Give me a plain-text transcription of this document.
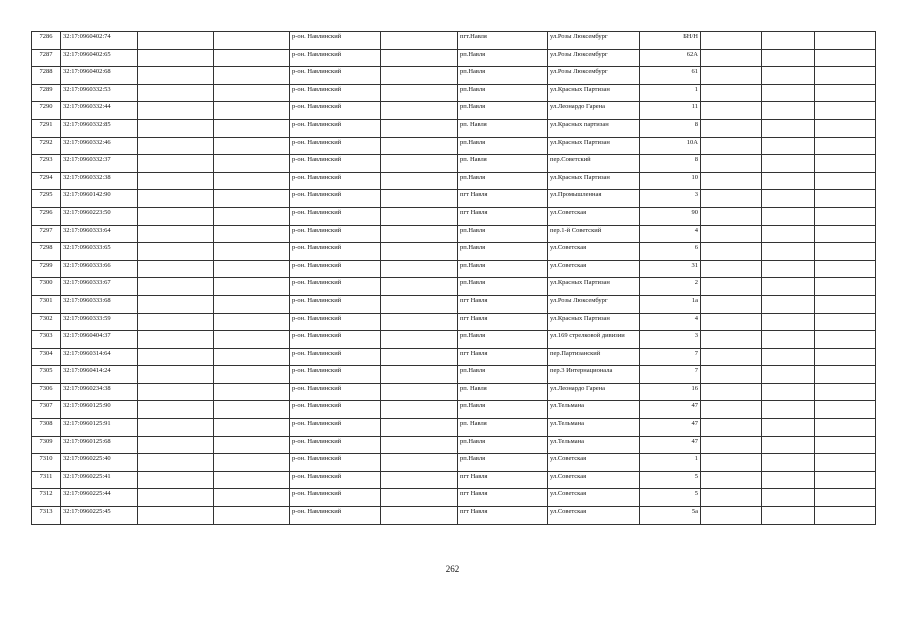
7286	32:17:0960402:74			р-он. Навлинский		пгт.Навля	ул.Розы Люксембург	БН/Н			
7287	32:17:0960402:65			р-он. Навлинский		рп.Навля	ул.Розы Люксембург	62А			
7288	32:17:0960402:68			р-он. Навлинский		рп.Навля	ул.Розы Люксембург	61			
7289	32:17:0960332:53			р-он. Навлинский		рп.Навля	ул.Красных Партизан	1			
7290	32:17:0960332:44			р-он. Навлинский		рп.Навля	ул.Леонардо Гарена	11			
7291	32:17:0960332:85			р-он. Навлинский		рп. Навля	ул.Красных партизан	8			
7292	32:17:0960332:46			р-он. Навлинский		рп.Навля	ул.Красных Партизан	10А			
7293	32:17:0960332:37			р-он. Навлинский		рп. Навля	пер.Советский	8			
7294	32:17:0960332:38			р-он. Навлинский		рп.Навля	ул.Красных Партизан	10			
7295	32:17:0960142:90			р-он. Навлинский		пгт Навля	ул.Промышленная	3			
7296	32:17:0960223:50			р-он. Навлинский		пгт Навля	ул.Советская	90			
7297	32:17:0960333:64			р-он. Навлинский		рп.Навля	пер.1-й Советский	4			
7298	32:17:0960333:65			р-он. Навлинский		рп.Навля	ул.Советская	6			
7299	32:17:0960333:66			р-он. Навлинский		рп.Навля	ул.Советская	31			
7300	32:17:0960333:67			р-он. Навлинский		рп.Навля	ул.Красных Партизан	2			
7301	32:17:0960333:68			р-он. Навлинский		пгт Навля	ул.Розы Люксембург	1а			
7302	32:17:0960333:59			р-он. Навлинский		пгт Навля	ул.Красных Партизан	4			
7303	32:17:0960404:37			р-он. Навлинский		рп.Навля	ул.169 стрелковой дивизии	3			
7304	32:17:0960314:64			р-он. Навлинский		пгт Навля	пер.Партизанский	7			
7305	32:17:0960414:24			р-он. Навлинский		рп.Навля	пер.3 Интернационала	7			
7306	32:17:0960234:38			р-он. Навлинский		рп. Навля	ул.Леонардо Гарена	16			
7307	32:17:0960125:90			р-он. Навлинский		рп.Навля	ул.Тельмана	47			
7308	32:17:0960125:91			р-он. Навлинский		рп. Навля	ул.Тельмана	47			
7309	32:17:0960125:68			р-он. Навлинский		рп.Навля	ул.Тельмана	47			
7310	32:17:0960225:40			р-он. Навлинский		рп.Навля	ул.Советская	1			
7311	32:17:0960225:41			р-он. Навлинский		пгт Навля	ул.Советская	5			
7312	32:17:0960225:44			р-он. Навлинский		пгт Навля	ул.Советская	5			
7313	32:17:0960225:45			р-он. Навлинский		пгт Навля	ул.Советская	5а			
262
